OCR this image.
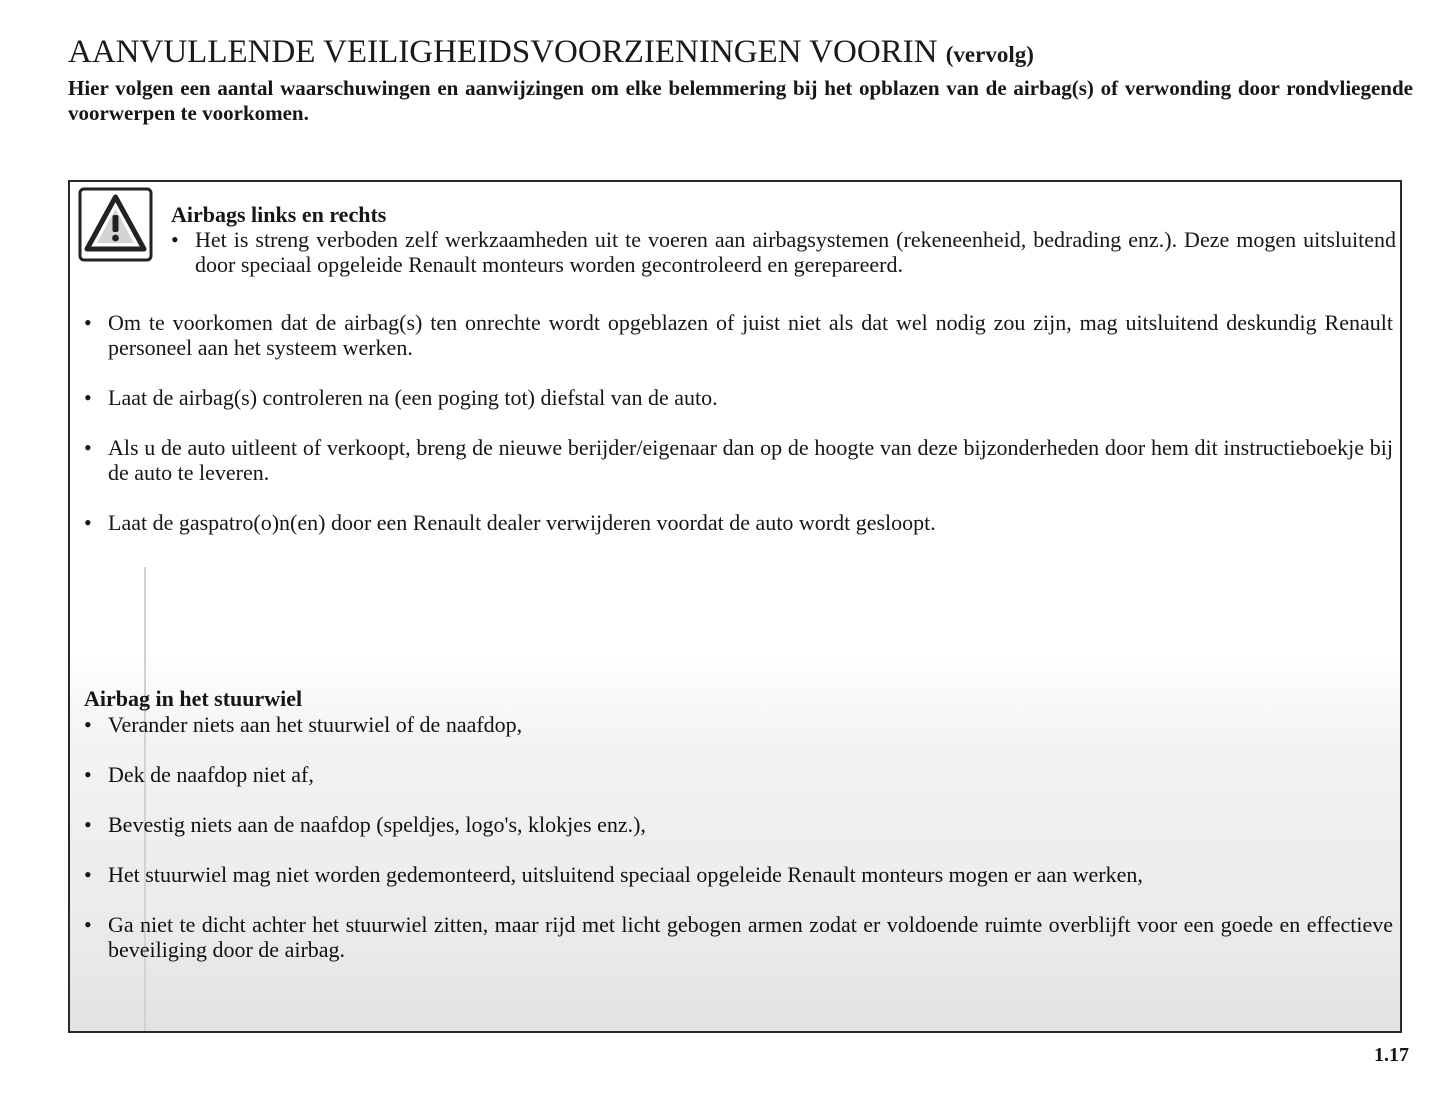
AANVULLENDE VEILIGHEIDSVOORZIENINGEN VOORIN (vervolg)
Hier volgen een aantal waarschuwingen en aanwijzingen om elke belemmering bij het opblazen van de airbag(s) of verwonding door rondvliegende voorwerpen te voorkomen.
Airbags links en rechts
• Het is streng verboden zelf werkzaamheden uit te voeren aan airbagsystemen (rekeneenheid, bedrading enz.). Deze mogen uitsluitend door speciaal opgeleide Renault monteurs worden gecontroleerd en gerepareerd.
• Om te voorkomen dat de airbag(s) ten onrechte wordt opgeblazen of juist niet als dat wel nodig zou zijn, mag uitsluitend deskundig Renault personeel aan het systeem werken.
• Laat de airbag(s) controleren na (een poging tot) diefstal van de auto.
• Als u de auto uitleent of verkoopt, breng de nieuwe berijder/eigenaar dan op de hoogte van deze bijzonderheden door hem dit instructieboekje bij de auto te leveren.
• Laat de gaspatro(o)n(en) door een Renault dealer verwijderen voordat de auto wordt gesloopt.
Airbag in het stuurwiel
• Verander niets aan het stuurwiel of de naafdop,
• Dek de naafdop niet af,
• Bevestig niets aan de naafdop (speldjes, logo's, klokjes enz.),
• Het stuurwiel mag niet worden gedemonteerd, uitsluitend speciaal opgeleide Renault monteurs mogen er aan werken,
• Ga niet te dicht achter het stuurwiel zitten, maar rijd met licht gebogen armen zodat er voldoende ruimte overblijft voor een goede en effectieve beveiliging door de airbag.
1.17
